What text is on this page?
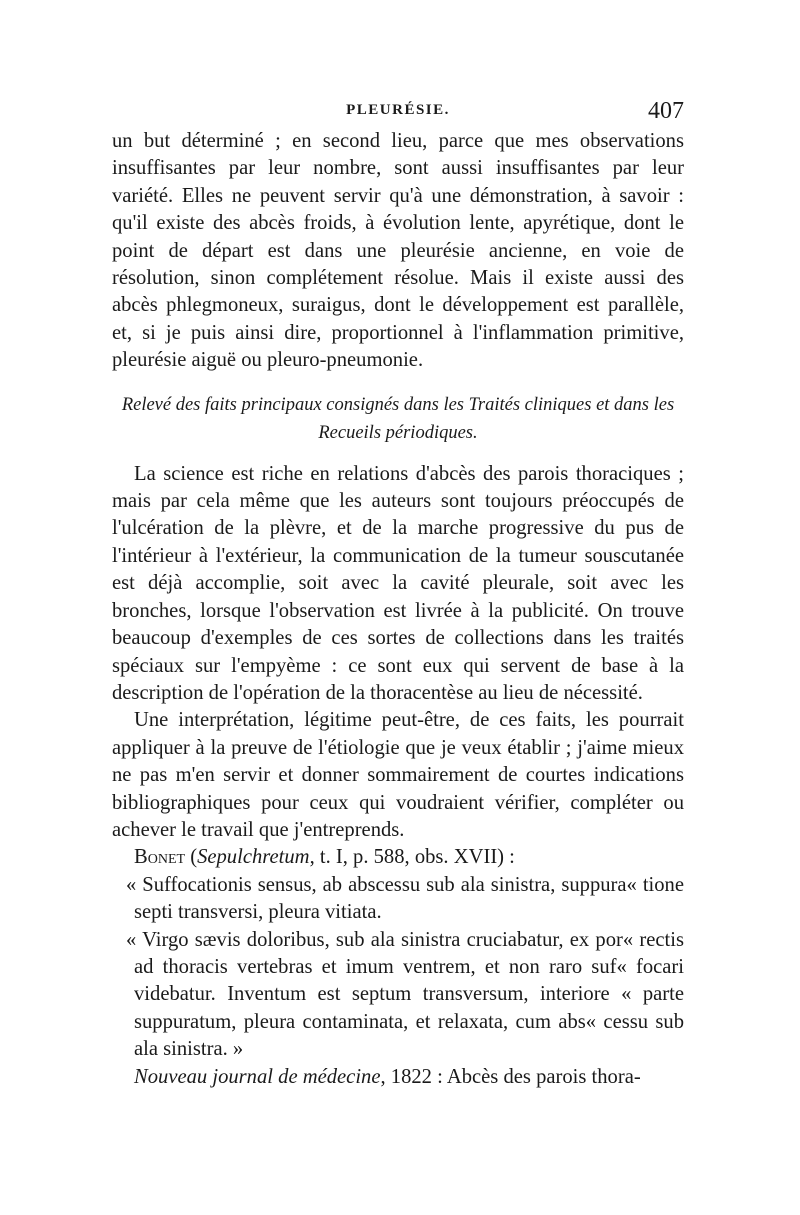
PLEURÉSIE.	407

un but déterminé ; en second lieu, parce que mes observations insuffisantes par leur nombre, sont aussi insuffisantes par leur variété. Elles ne peuvent servir qu'à une démonstration, à savoir : qu'il existe des abcès froids, à évolution lente, apyrétique, dont le point de départ est dans une pleurésie ancienne, en voie de résolution, sinon complétement résolue. Mais il existe aussi des abcès phlegmoneux, suraigus, dont le développement est parallèle, et, si je puis ainsi dire, proportionnel à l'inflammation primitive, pleurésie aiguë ou pleuro-pneumonie.

Relevé des faits principaux consignés dans les Traités cliniques et dans les Recueils périodiques.

La science est riche en relations d'abcès des parois thoraciques ; mais par cela même que les auteurs sont toujours préoccupés de l'ulcération de la plèvre, et de la marche progressive du pus de l'intérieur à l'extérieur, la communication de la tumeur souscutanée est déjà accomplie, soit avec la cavité pleurale, soit avec les bronches, lorsque l'observation est livrée à la publicité. On trouve beaucoup d'exemples de ces sortes de collections dans les traités spéciaux sur l'empyème : ce sont eux qui servent de base à la description de l'opération de la thoracentèse au lieu de nécessité.

Une interprétation, légitime peut-être, de ces faits, les pourrait appliquer à la preuve de l'étiologie que je veux établir ; j'aime mieux ne pas m'en servir et donner sommairement de courtes indications bibliographiques pour ceux qui voudraient vérifier, compléter ou achever le travail que j'entreprends.

Bonet (Sepulchretum, t. I, p. 588, obs. XVII) :

« Suffocationis sensus, ab abscessu sub ala sinistra, suppura« tione septi transversi, pleura vitiata.

« Virgo sævis doloribus, sub ala sinistra cruciabatur, ex por« rectis ad thoracis vertebras et imum ventrem, et non raro suf« focari videbatur. Inventum est septum transversum, interiore « parte suppuratum, pleura contaminata, et relaxata, cum abs« cessu sub ala sinistra. »

Nouveau journal de médecine, 1822 : Abcès des parois thora-
